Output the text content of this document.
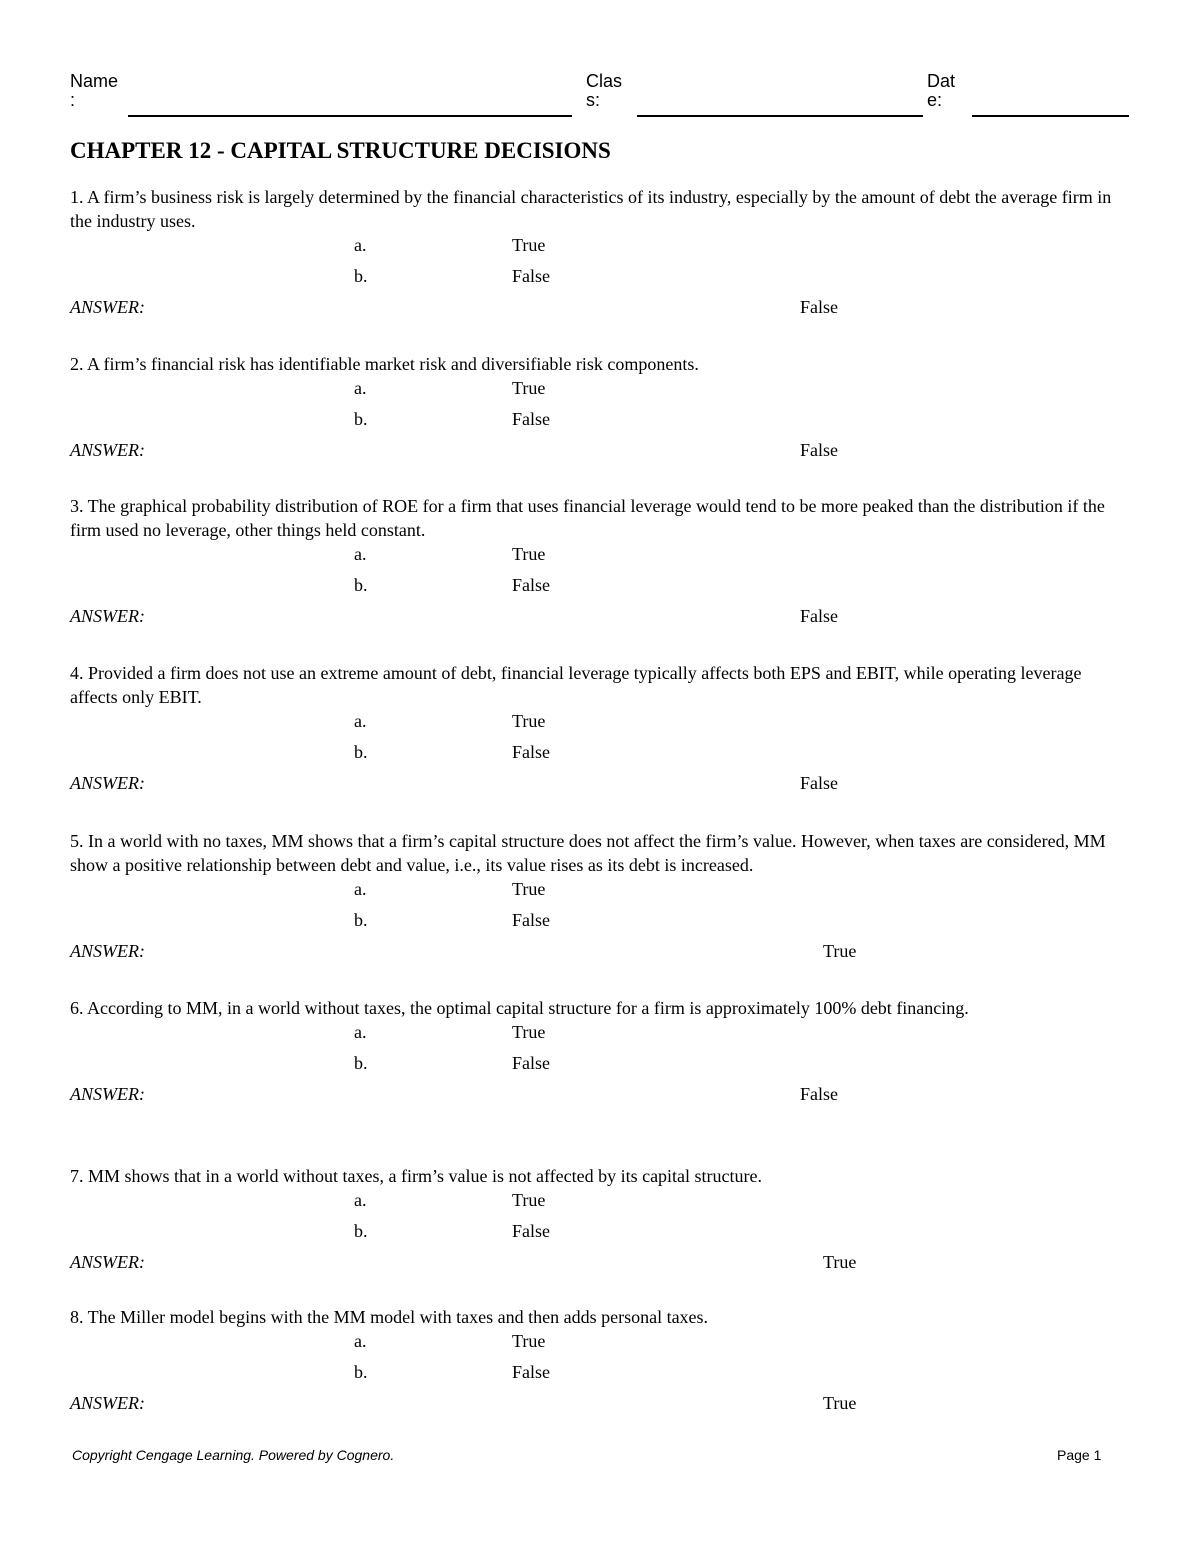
Name
:
Clas
s:
Dat
e:
CHAPTER 12 - CAPITAL STRUCTURE DECISIONS

1. A firm’s business risk is largely determined by the financial characteristics of its industry, especially by the amount of debt the average firm in the industry uses.

a.	True
b.	False
ANSWER:	False

2. A firm’s financial risk has identifiable market risk and diversifiable risk components.

a.	True
b.	False
ANSWER:	False

3. The graphical probability distribution of ROE for a firm that uses financial leverage would tend to be more peaked than the distribution if the firm used no leverage, other things held constant.

a.	True
b.	False
ANSWER:	False

4. Provided a firm does not use an extreme amount of debt, financial leverage typically affects both EPS and EBIT, while operating leverage affects only EBIT.

a.	True
b.	False
ANSWER:	False

5. In a world with no taxes, MM shows that a firm’s capital structure does not affect the firm’s value. However, when taxes are considered, MM show a positive relationship between debt and value, i.e., its value rises as its debt is increased.

a.	True
b.	False
ANSWER:	True

6. According to MM, in a world without taxes, the optimal capital structure for a firm is approximately 100% debt financing.

a.	True
b.	False
ANSWER:	False

7. MM shows that in a world without taxes, a firm’s value is not affected by its capital structure.

a.	True
b.	False
ANSWER:	True

8. The Miller model begins with the MM model with taxes and then adds personal taxes.

a.	True
b.	False
ANSWER:	True
Copyright Cengage Learning. Powered by Cognero.	Page 1
